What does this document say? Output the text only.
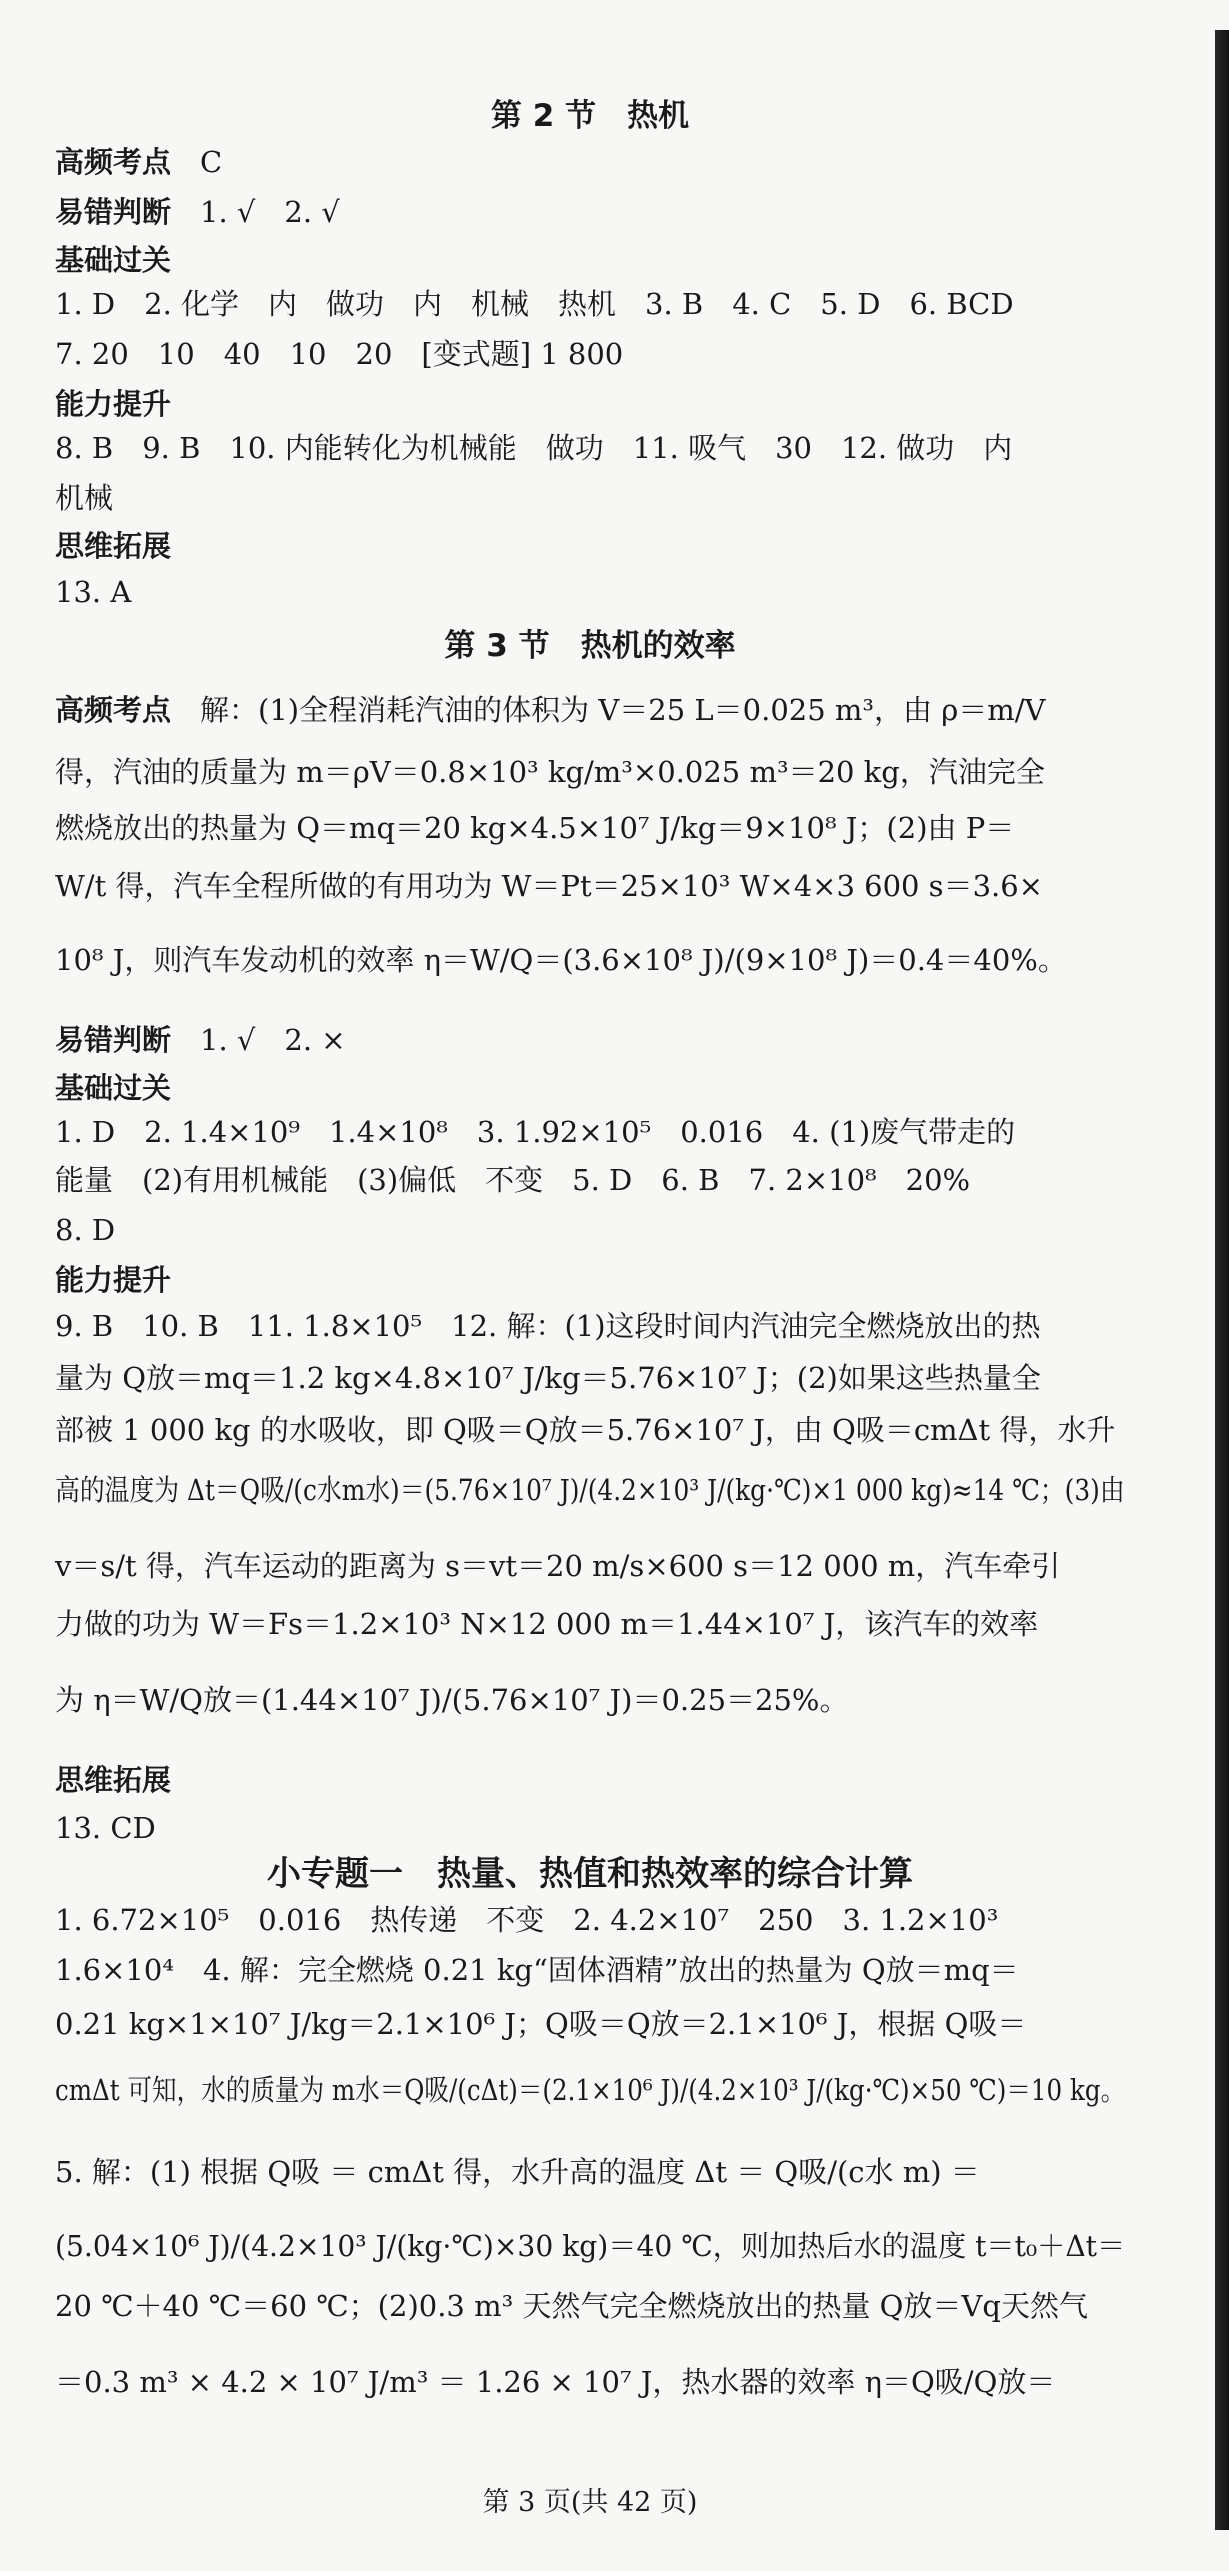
第 2 节　热机
高频考点　 C
易错判断　 1. √　2. √
基础过关
1. D　2. 化学　内　做功　内　机械　热机　3. B　4. C　5. D　6. BCD
7. 20　10　40　10　20　[变式题] 1 800
能力提升
8. B　9. B　10. 内能转化为机械能　做功　11. 吸气　30　12. 做功　内
机械
思维拓展
13. A
第 3 节　热机的效率
高频考点　 解：(1)全程消耗汽油的体积为 V＝25 L＝0.025 m³，由 ρ＝m/V
得，汽油的质量为 m＝ρV＝0.8×10³ kg/m³×0.025 m³＝20 kg，汽油完全
燃烧放出的热量为 Q＝mq＝20 kg×4.5×10⁷ J/kg＝9×10⁸ J；(2)由 P＝
W/t 得，汽车全程所做的有用功为 W＝Pt＝25×10³ W×4×3 600 s＝3.6×
10⁸ J，则汽车发动机的效率 η＝W/Q＝(3.6×10⁸ J)/(9×10⁸ J)＝0.4＝40%。
易错判断　 1. √　2. ×
基础过关
1. D　2. 1.4×10⁹　1.4×10⁸　3. 1.92×10⁵　0.016　4. (1)废气带走的
能量　(2)有用机械能　(3)偏低　不变　5. D　6. B　7. 2×10⁸　20%
8. D
能力提升
9. B　10. B　11. 1.8×10⁵　12. 解：(1)这段时间内汽油完全燃烧放出的热
量为 Q放＝mq＝1.2 kg×4.8×10⁷ J/kg＝5.76×10⁷ J；(2)如果这些热量全
部被 1 000 kg 的水吸收，即 Q吸＝Q放＝5.76×10⁷ J，由 Q吸＝cmΔt 得，水升
高的温度为 Δt＝Q吸/(c水m水)＝(5.76×10⁷ J)/(4.2×10³ J/(kg·℃)×1 000 kg)≈14 ℃；(3)由
v＝s/t 得，汽车运动的距离为 s＝vt＝20 m/s×600 s＝12 000 m，汽车牵引
力做的功为 W＝Fs＝1.2×10³ N×12 000 m＝1.44×10⁷ J，该汽车的效率
为 η＝W/Q放＝(1.44×10⁷ J)/(5.76×10⁷ J)＝0.25＝25%。
思维拓展
13. CD
小专题一　热量、热值和热效率的综合计算
1. 6.72×10⁵　0.016　热传递　不变　2. 4.2×10⁷　250　3. 1.2×10³
1.6×10⁴　4. 解：完全燃烧 0.21 kg“固体酒精”放出的热量为 Q放＝mq＝
0.21 kg×1×10⁷ J/kg＝2.1×10⁶ J；Q吸＝Q放＝2.1×10⁶ J，根据 Q吸＝
cmΔt 可知，水的质量为 m水＝Q吸/(cΔt)＝(2.1×10⁶ J)/(4.2×10³ J/(kg·℃)×50 ℃)＝10 kg。
5. 解：(1) 根据 Q吸 ＝ cmΔt 得，水升高的温度 Δt ＝ Q吸/(c水 m) ＝
(5.04×10⁶ J)/(4.2×10³ J/(kg·℃)×30 kg)＝40 ℃，则加热后水的温度 t＝t₀＋Δt＝
20 ℃＋40 ℃＝60 ℃；(2)0.3 m³ 天然气完全燃烧放出的热量 Q放＝Vq天然气
＝0.3 m³ × 4.2 × 10⁷ J/m³ ＝ 1.26 × 10⁷ J，热水器的效率 η＝Q吸/Q放＝
第 3 页(共 42 页)
